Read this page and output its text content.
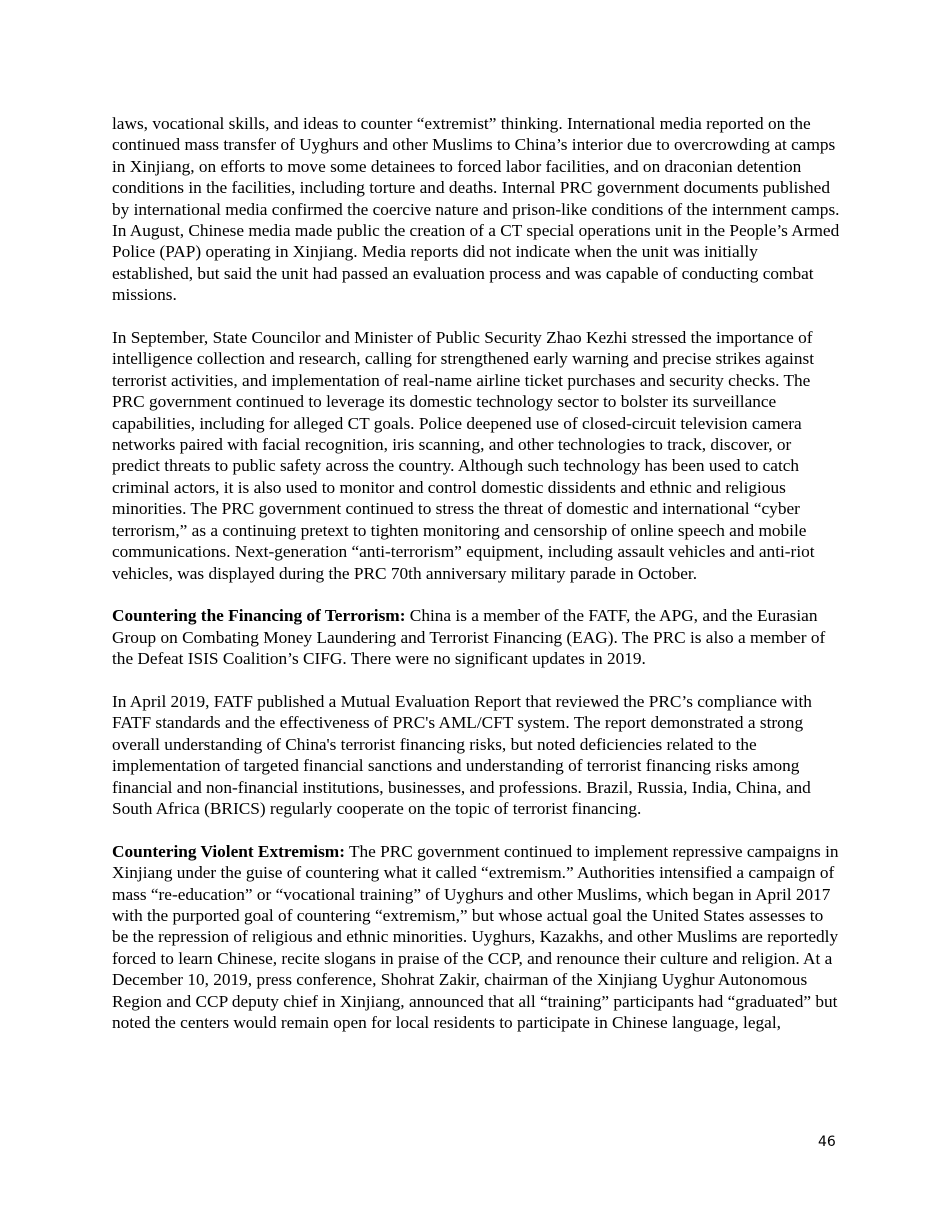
laws, vocational skills, and ideas to counter “extremist” thinking. International media reported on the continued mass transfer of Uyghurs and other Muslims to China’s interior due to overcrowding at camps in Xinjiang, on efforts to move some detainees to forced labor facilities, and on draconian detention conditions in the facilities, including torture and deaths. Internal PRC government documents published by international media confirmed the coercive nature and prison-like conditions of the internment camps. In August, Chinese media made public the creation of a CT special operations unit in the People’s Armed Police (PAP) operating in Xinjiang. Media reports did not indicate when the unit was initially established, but said the unit had passed an evaluation process and was capable of conducting combat missions.

In September, State Councilor and Minister of Public Security Zhao Kezhi stressed the importance of intelligence collection and research, calling for strengthened early warning and precise strikes against terrorist activities, and implementation of real-name airline ticket purchases and security checks. The PRC government continued to leverage its domestic technology sector to bolster its surveillance capabilities, including for alleged CT goals. Police deepened use of closed-circuit television camera networks paired with facial recognition, iris scanning, and other technologies to track, discover, or predict threats to public safety across the country. Although such technology has been used to catch criminal actors, it is also used to monitor and control domestic dissidents and ethnic and religious minorities. The PRC government continued to stress the threat of domestic and international “cyber terrorism,” as a continuing pretext to tighten monitoring and censorship of online speech and mobile communications. Next-generation “anti-terrorism” equipment, including assault vehicles and anti-riot vehicles, was displayed during the PRC 70th anniversary military parade in October.

Countering the Financing of Terrorism: China is a member of the FATF, the APG, and the Eurasian Group on Combating Money Laundering and Terrorist Financing (EAG). The PRC is also a member of the Defeat ISIS Coalition’s CIFG. There were no significant updates in 2019.

In April 2019, FATF published a Mutual Evaluation Report that reviewed the PRC’s compliance with FATF standards and the effectiveness of PRC's AML/CFT system. The report demonstrated a strong overall understanding of China's terrorist financing risks, but noted deficiencies related to the implementation of targeted financial sanctions and understanding of terrorist financing risks among financial and non-financial institutions, businesses, and professions. Brazil, Russia, India, China, and South Africa (BRICS) regularly cooperate on the topic of terrorist financing.

Countering Violent Extremism: The PRC government continued to implement repressive campaigns in Xinjiang under the guise of countering what it called “extremism.” Authorities intensified a campaign of mass “re-education” or “vocational training” of Uyghurs and other Muslims, which began in April 2017 with the purported goal of countering “extremism,” but whose actual goal the United States assesses to be the repression of religious and ethnic minorities. Uyghurs, Kazakhs, and other Muslims are reportedly forced to learn Chinese, recite slogans in praise of the CCP, and renounce their culture and religion. At a December 10, 2019, press conference, Shohrat Zakir, chairman of the Xinjiang Uyghur Autonomous Region and CCP deputy chief in Xinjiang, announced that all “training” participants had “graduated” but noted the centers would remain open for local residents to participate in Chinese language, legal,

46
